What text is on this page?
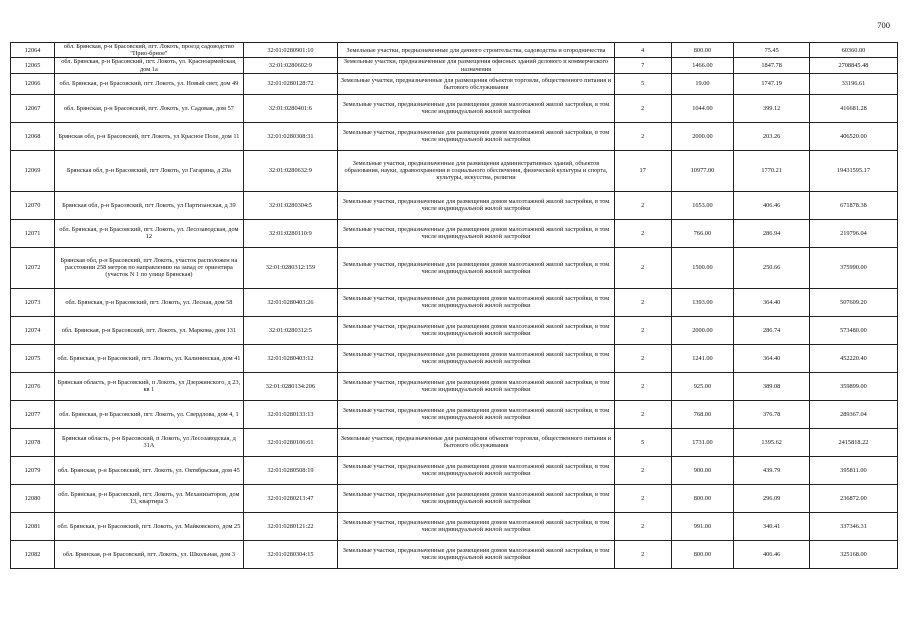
700
12064	обл. Брянская, р-н Брасовский, пгт. Локоть, проезд садоводство "Прио-брное"	32:01:0280901:10	Земельные участки, предназначенные для дачного строительства, садоводства и огородничества	4	800.00	75.45	60360.00
12065	обл. Брянская, р-н Брасовский, пгт. Локоть, ул. Красноармейская, дом 1а	32:01:0280602:9	Земельные участки, предназначенные для размещения офисных зданий делового и коммерческого назначения	7	1466.00	1847.78	2708845.48
12066	обл. Брянская, р-н Брасовский, пгт. Локоть, ул. Новый свет, дом 49	32:01:0280128:72	Земельные участки, предназначенные для размещения объектов торговли, общественного питания и бытового обслуживания	5	19.00	1747.19	33196.61
12067	обл. Брянская, р-н Брасовский, пгт. Локоть, ул. Садовая, дом 57	32:01:0280401:6	Земельные участки, предназначенные для размещения домов малоэтажной жилой застройки, в том числе индивидуальной жилой застройки	2	1044.00	399.12	416681.28
12068	Брянская обл, р-н Брасовский, пгт Локоть, ул Красное Поле, дом 11	32:01:0280308:31	Земельные участки, предназначенные для размещения домов малоэтажной жилой застройки, в том числе индивидуальной жилой застройки	2	2000.00	203.26	406520.00
12069	Брянская обл, р-н Брасовский, пгт Локоть, ул Гагарина, д 20а	32:01:0280632:9	Земельные участки, предназначенные для размещения административных зданий, объектов образования, науки, здравоохранения и социального обеспечения, физической культуры и спорта, культуры, искусства, религии	17	10977.00	1770.21	19431595.17
12070	Брянская обл, р-н Брасовский, пгт Локоть, ул Партизанская, д 39	32:01:0280304:5	Земельные участки, предназначенные для размещения домов малоэтажной жилой застройки, в том числе индивидуальной жилой застройки	2	1653.00	406.46	671878.38
12071	обл. Брянская, р-н Брасовский, пгт. Локоть, ул. Лесозаводская, дом 12	32:01:0280110:9	Земельные участки, предназначенные для размещения домов малоэтажной жилой застройки, в том числе индивидуальной жилой застройки	2	766.00	286.94	219796.04
12072	Брянская обл, р-н Брасовский, пгт Локоть, участок расположен на расстоянии 258 метров по направлению на запад от ориентира (участок N 1 по улице Брянская)	32:01:0280312:159	Земельные участки, предназначенные для размещения домов малоэтажной жилой застройки, в том числе индивидуальной жилой застройки	2	1500.00	250.66	375990.00
12073	обл. Брянская, р-н Брасовский, пгт. Локоть, ул. Лесная, дом 58	32:01:0280403:26	Земельные участки, предназначенные для размещения домов малоэтажной жилой застройки, в том числе индивидуальной жилой застройки	2	1393.00	364.40	507609.20
12074	обл. Брянская, р-н Брасовский, пгт. Локоть, ул. Маркова, дом 131	32:01:0280312:5	Земельные участки, предназначенные для размещения домов малоэтажной жилой застройки, в том числе индивидуальной жилой застройки	2	2000.00	286.74	573480.00
12075	обл. Брянская, р-н Брасовский, пгт. Локоть, ул. Калининская, дом 41	32:01:0280403:12	Земельные участки, предназначенные для размещения домов малоэтажной жилой застройки, в том числе индивидуальной жилой застройки	2	1241.00	364.40	452220.40
12076	Брянская область, р-н Брасовский, п Локоть, ул Дзержинского, д 23, кв 1	32:01:0280134:206	Земельные участки, предназначенные для размещения домов малоэтажной жилой застройки, в том числе индивидуальной жилой застройки	2	925.00	389.08	359899.00
12077	обл. Брянская, р-н Брасовский, пгт. Локоть, ул. Свердлова, дом 4, 1	32:01:0280133:13	Земельные участки, предназначенные для размещения домов малоэтажной жилой застройки, в том числе индивидуальной жилой застройки	2	768.00	376.78	289367.04
12078	Брянская область, р-н Брасовский, п Локоть, ул Лесозаводская, д 31А	32:01:0280106:61	Земельные участки, предназначенные для размещения объектов торговли, общественного питания и бытового обслуживания	5	1731.00	1395.62	2415818.22
12079	обл. Брянская, р-н Брасовский, пгт. Локоть, ул. Октябрьская, дом 45	32:01:0280508:19	Земельные участки, предназначенные для размещения домов малоэтажной жилой застройки, в том числе индивидуальной жилой застройки	2	900.00	439.79	395811.00
12080	обл. Брянская, р-н Брасовский, пгт. Локоть, ул. Механизаторов, дом 13, квартира 3	32:01:0280213:47	Земельные участки, предназначенные для размещения домов малоэтажной жилой застройки, в том числе индивидуальной жилой застройки	2	800.00	296.09	236872.00
12081	обл. Брянская, р-н Брасовский, пгт. Локоть, ул. Майковского, дом 25	32:01:0280121:22	Земельные участки, предназначенные для размещения домов малоэтажной жилой застройки, в том числе индивидуальной жилой застройки	2	991.00	340.41	337346.31
12082	обл. Брянская, р-н Брасовский, пгт. Локоть, ул. Школьная, дом 3	32:01:0280304:15	Земельные участки, предназначенные для размещения домов малоэтажной жилой застройки, в том числе индивидуальной жилой застройки	2	800.00	406.46	325168.00
